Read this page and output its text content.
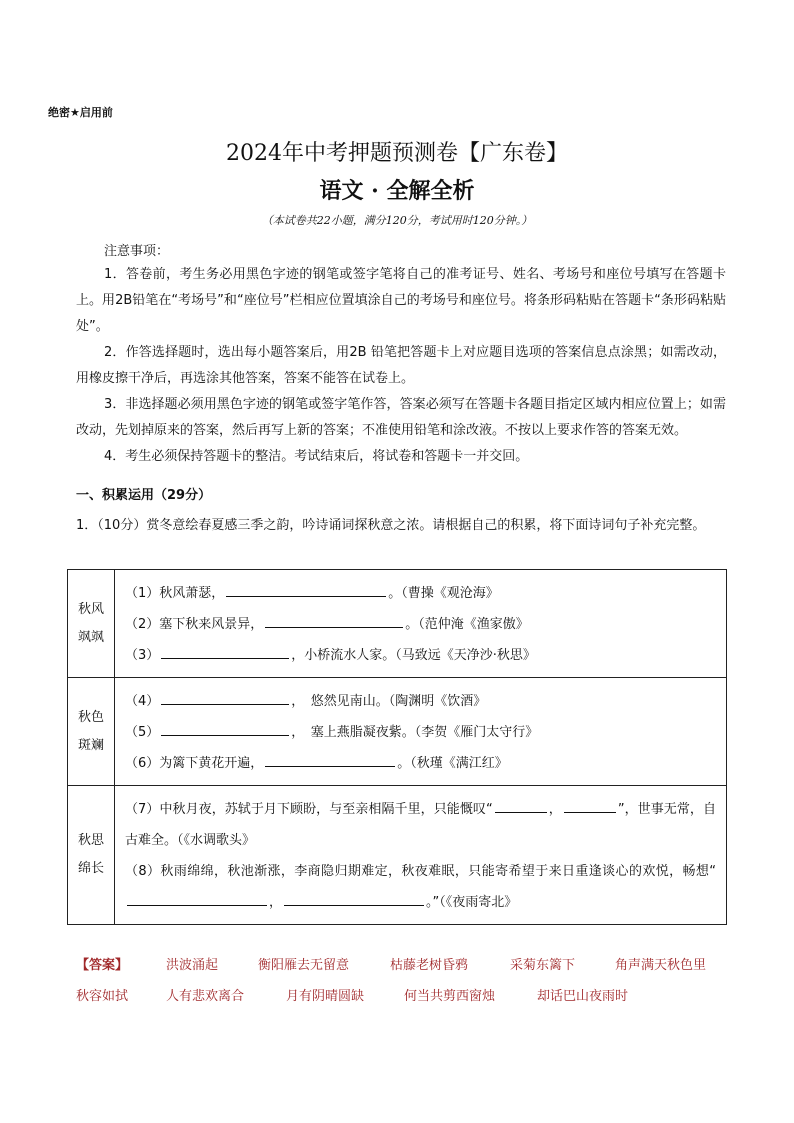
绝密★启用前
2024年中考押题预测卷【广东卷】
语文 · 全解全析
（本试卷共22小题，满分120分，考试用时120分钟。）
注意事项：
1．答卷前，考生务必用黑色字迹的钢笔或签字笔将自己的准考证号、姓名、考场号和座位号填写在答题卡上。用2B铅笔在“考场号”和“座位号”栏相应位置填涂自己的考场号和座位号。将条形码粘贴在答题卡“条形码粘贴处”。
2．作答选择题时，选出每小题答案后，用2B 铅笔把答题卡上对应题目选项的答案信息点涂黑；如需改动，用橡皮擦干净后，再选涂其他答案，答案不能答在试卷上。
3．非选择题必须用黑色字迹的钢笔或签字笔作答，答案必须写在答题卡各题目指定区域内相应位置上；如需改动，先划掉原来的答案，然后再写上新的答案；不准使用铅笔和涂改液。不按以上要求作答的答案无效。
4．考生必须保持答题卡的整洁。考试结束后，将试卷和答题卡一并交回。
一、积累运用（29分）
1．（10分）赏冬意绘春夏感三季之韵，吟诗诵词探秋意之浓。请根据自己的积累，将下面诗词句子补充完整。
秋风飒飒	（1）秋风萧瑟， 。（曹操《观沧海》
（2）塞下秋来风景异， 。（范仲淹《渔家傲》
（3） ，小桥流水人家。（马致远《天净沙·秋思》

秋色斑斓	（4） ，　悠然见南山。（陶渊明《饮酒》
（5） ，　塞上燕脂凝夜紫。（李贺《雁门太守行》
（6）为篱下黄花开遍， 。（秋瑾《满江红》

秋思绵长	（7）中秋月夜，苏轼于月下顾盼，与至亲相隔千里，只能慨叹“ ， ”，世事无常，自古难全。（《水调歌头》
（8）秋雨绵绵，秋池渐涨，李商隐归期难定，秋夜难眠，只能寄希望于来日重逢谈心的欢悦，畅想“， 。”（《夜雨寄北》
【答案】	洪波涌起	衡阳雁去无留意	枯藤老树昏鸦	采菊东篱下	角声满天秋色里
秋容如拭	人有悲欢离合	月有阴晴圆缺	何当共剪西窗烛	却话巴山夜雨时
